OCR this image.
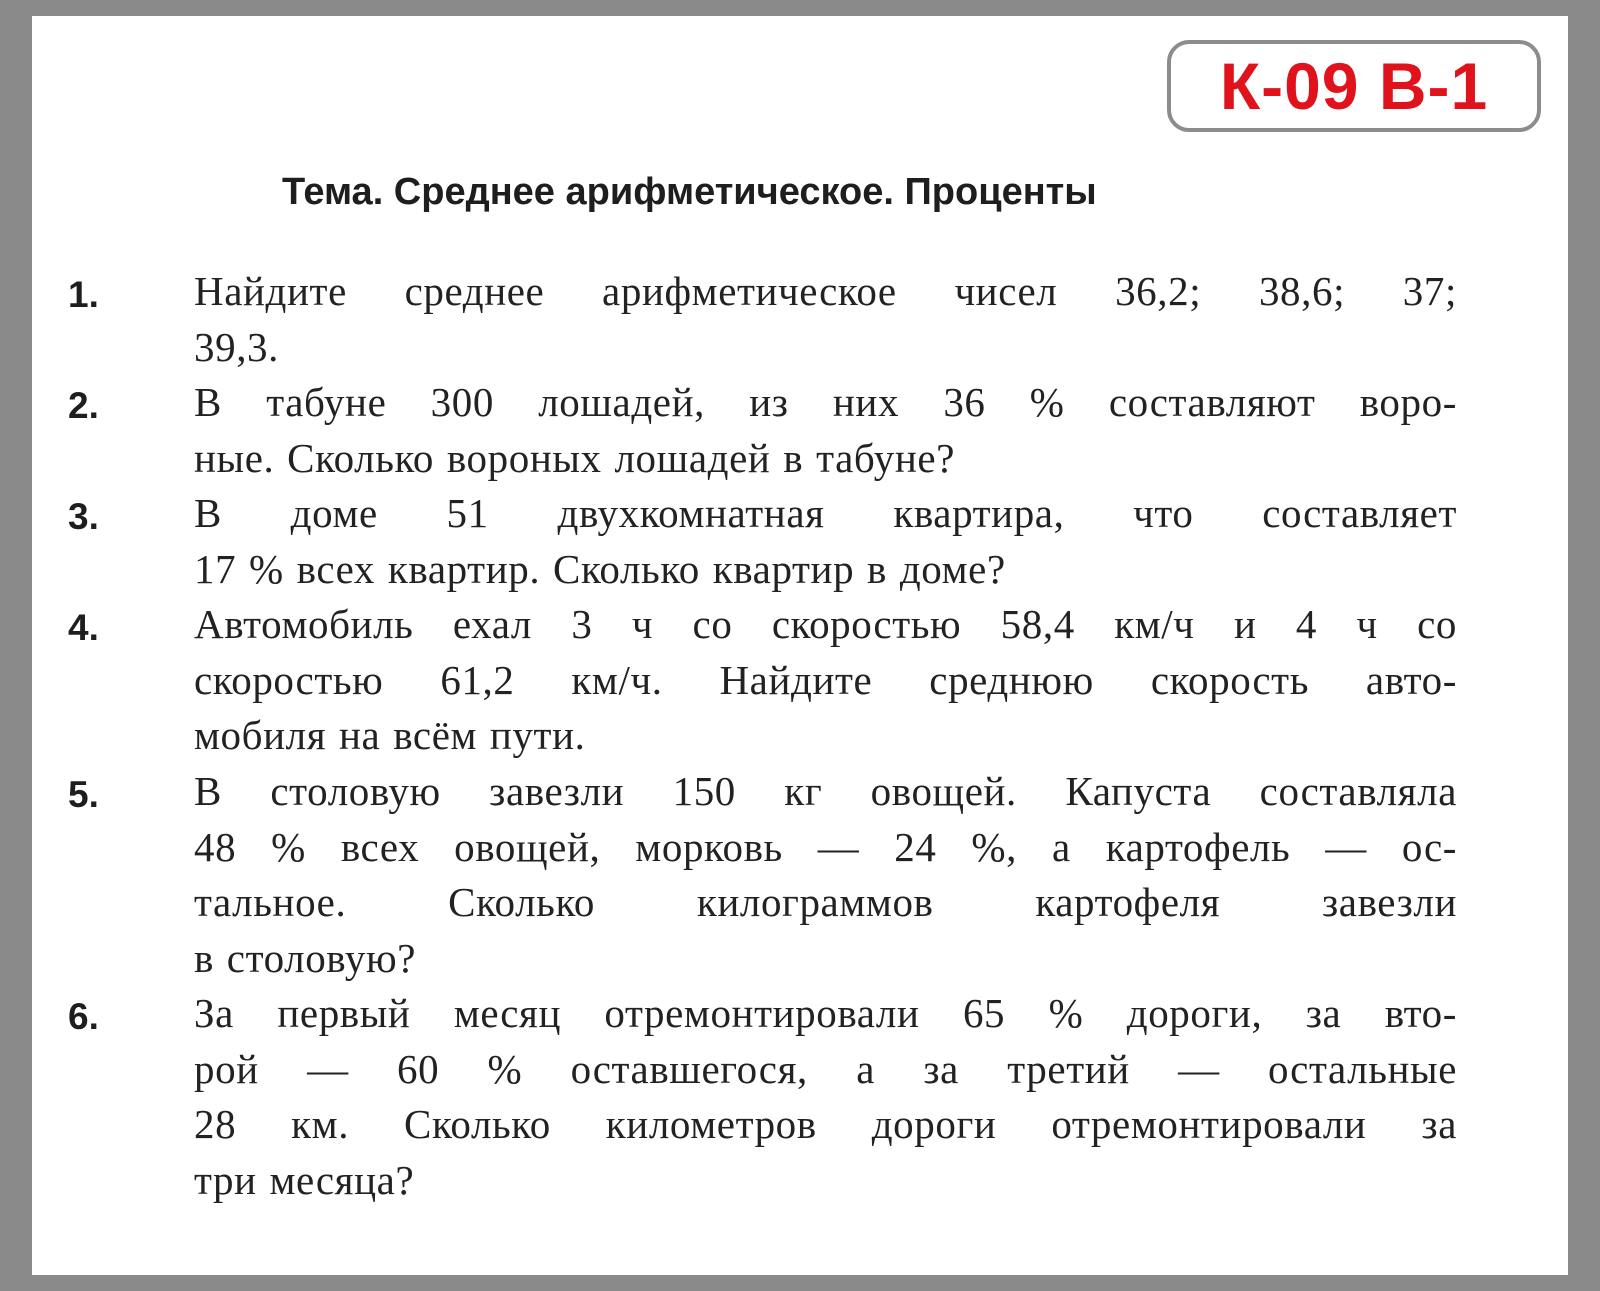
К-09 В-1
Тема. Среднее арифметическое. Проценты
1. Найдите среднее арифметическое чисел 36,2; 38,6; 37;
39,3.
2. В табуне 300 лошадей, из них 36 % составляют воро-
ные. Сколько вороных лошадей в табуне?
3. В доме 51 двухкомнатная квартира, что составляет
17 % всех квартир. Сколько квартир в доме?
4. Автомобиль ехал 3 ч со скоростью 58,4 км/ч и 4 ч со
скоростью 61,2 км/ч. Найдите среднюю скорость авто-
мобиля на всём пути.
5. В столовую завезли 150 кг овощей. Капуста составляла
48 % всех овощей, морковь — 24 %, а картофель — ос-
тальное. Сколько килограммов картофеля завезли
в столовую?
6. За первый месяц отремонтировали 65 % дороги, за вто-
рой — 60 % оставшегося, а за третий — остальные
28 км. Сколько километров дороги отремонтировали за
три месяца?
